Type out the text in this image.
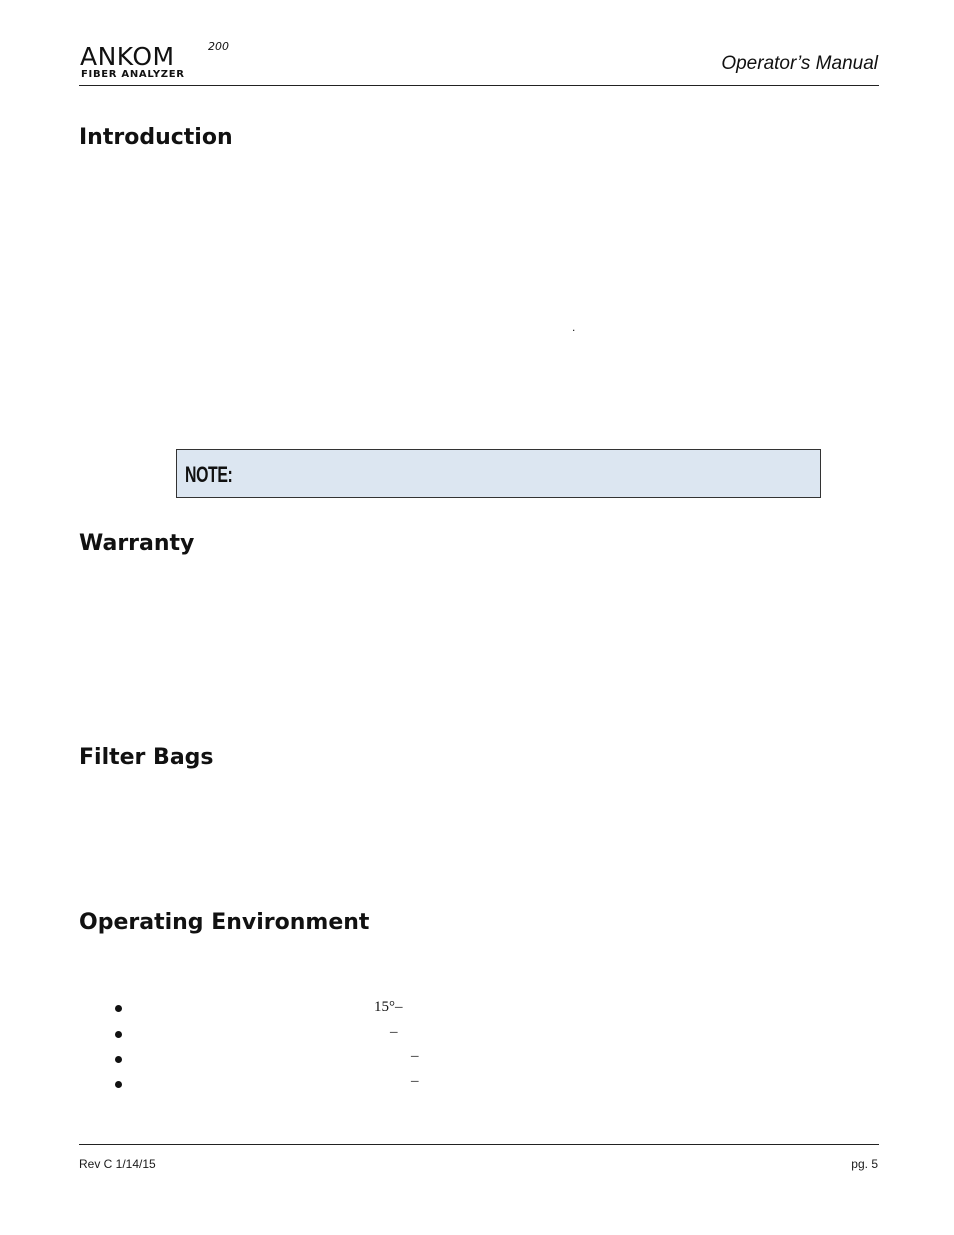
ANKOM	200
FIBER ANALYZER
Operator’s Manual
Introduction
.
NOTE:
Warranty
Filter Bags
Operating Environment
15°–
–
–
–
Rev C 1/14/15	pg. 5
